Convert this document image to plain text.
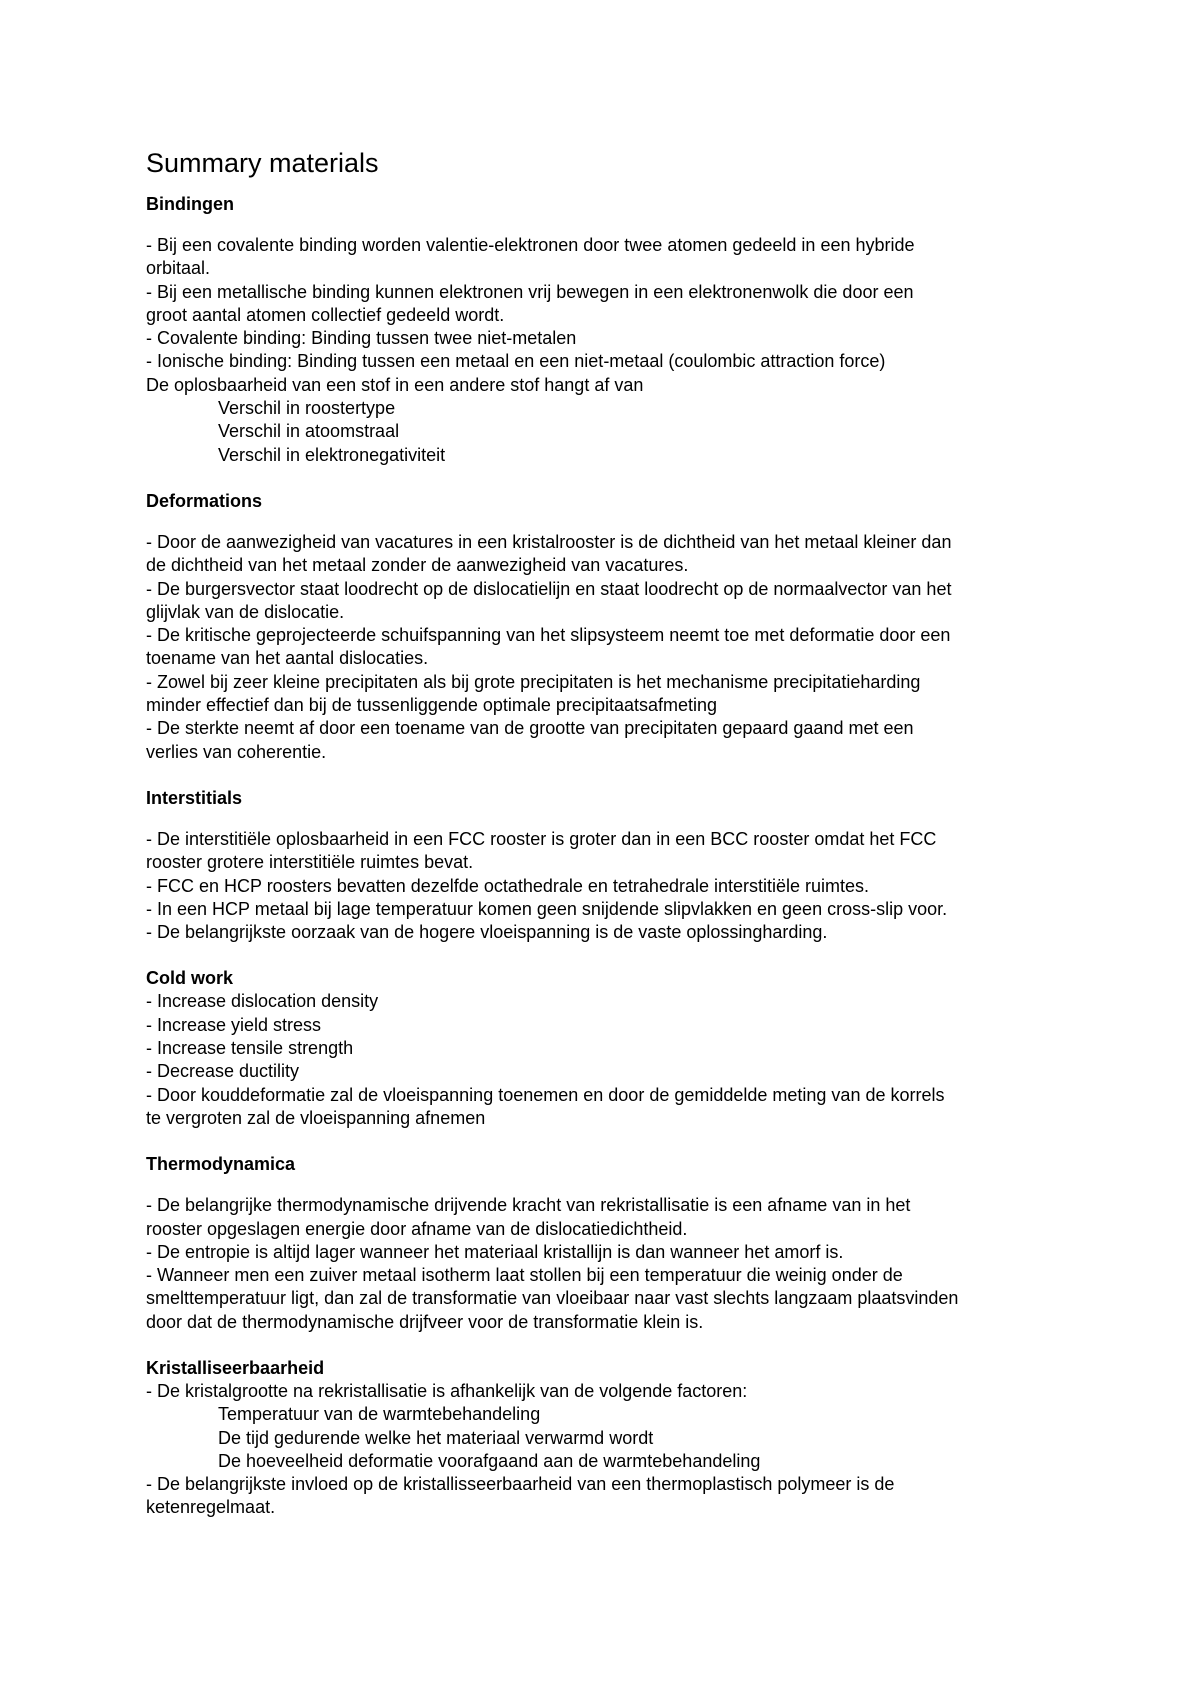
Summary materials
Bindingen
- Bij een covalente binding worden valentie-elektronen door twee atomen gedeeld in een hybride
orbitaal.
- Bij een metallische binding kunnen elektronen vrij bewegen in een elektronenwolk die door een
groot aantal atomen collectief gedeeld wordt.
- Covalente binding: Binding tussen twee niet-metalen
- Ionische binding: Binding tussen een metaal en een niet-metaal (coulombic attraction force)
De oplosbaarheid van een stof in een andere stof hangt af van
Verschil in roostertype
Verschil in atoomstraal
Verschil in elektronegativiteit
Deformations
- Door de aanwezigheid van vacatures in een kristalrooster is de dichtheid van het metaal kleiner dan
de dichtheid van het metaal zonder de aanwezigheid van vacatures.
- De burgersvector staat loodrecht op de dislocatielijn en staat loodrecht op de normaalvector van het
glijvlak van de dislocatie.
- De kritische geprojecteerde schuifspanning van het slipsysteem neemt toe met deformatie door een
toename van het aantal dislocaties.
- Zowel bij zeer kleine precipitaten als bij grote precipitaten is het mechanisme precipitatieharding
minder effectief dan bij de tussenliggende optimale precipitaatsafmeting
- De sterkte neemt af door een toename van de grootte van precipitaten gepaard gaand met een
verlies van coherentie.
Interstitials
- De interstitiële oplosbaarheid in een FCC rooster is groter dan in een BCC rooster omdat het FCC
rooster grotere interstitiële ruimtes bevat.
- FCC en HCP roosters bevatten dezelfde octathedrale en tetrahedrale interstitiële ruimtes.
- In een HCP metaal bij lage temperatuur komen geen snijdende slipvlakken en geen cross-slip voor.
- De belangrijkste oorzaak van de hogere vloeispanning is de vaste oplossingharding.
Cold work
- Increase dislocation density
- Increase yield stress
- Increase tensile strength
- Decrease ductility
- Door kouddeformatie zal de vloeispanning toenemen en door de gemiddelde meting van de korrels
te vergroten zal de vloeispanning afnemen
Thermodynamica
- De belangrijke thermodynamische drijvende kracht van rekristallisatie is een afname van in het
rooster opgeslagen energie door afname van de dislocatiedichtheid.
- De entropie is altijd lager wanneer het materiaal kristallijn is dan wanneer het amorf is.
- Wanneer men een zuiver metaal isotherm laat stollen bij een temperatuur die weinig onder de
smelttemperatuur ligt, dan zal de transformatie van vloeibaar naar vast slechts langzaam plaatsvinden
door dat de thermodynamische drijfveer voor de transformatie klein is.
Kristalliseerbaarheid
- De kristalgrootte na rekristallisatie is afhankelijk van de volgende factoren:
Temperatuur van de warmtebehandeling
De tijd gedurende welke het materiaal verwarmd wordt
De hoeveelheid deformatie voorafgaand aan de warmtebehandeling
- De belangrijkste invloed op de kristallisseerbaarheid van een thermoplastisch polymeer is de
ketenregelmaat.
